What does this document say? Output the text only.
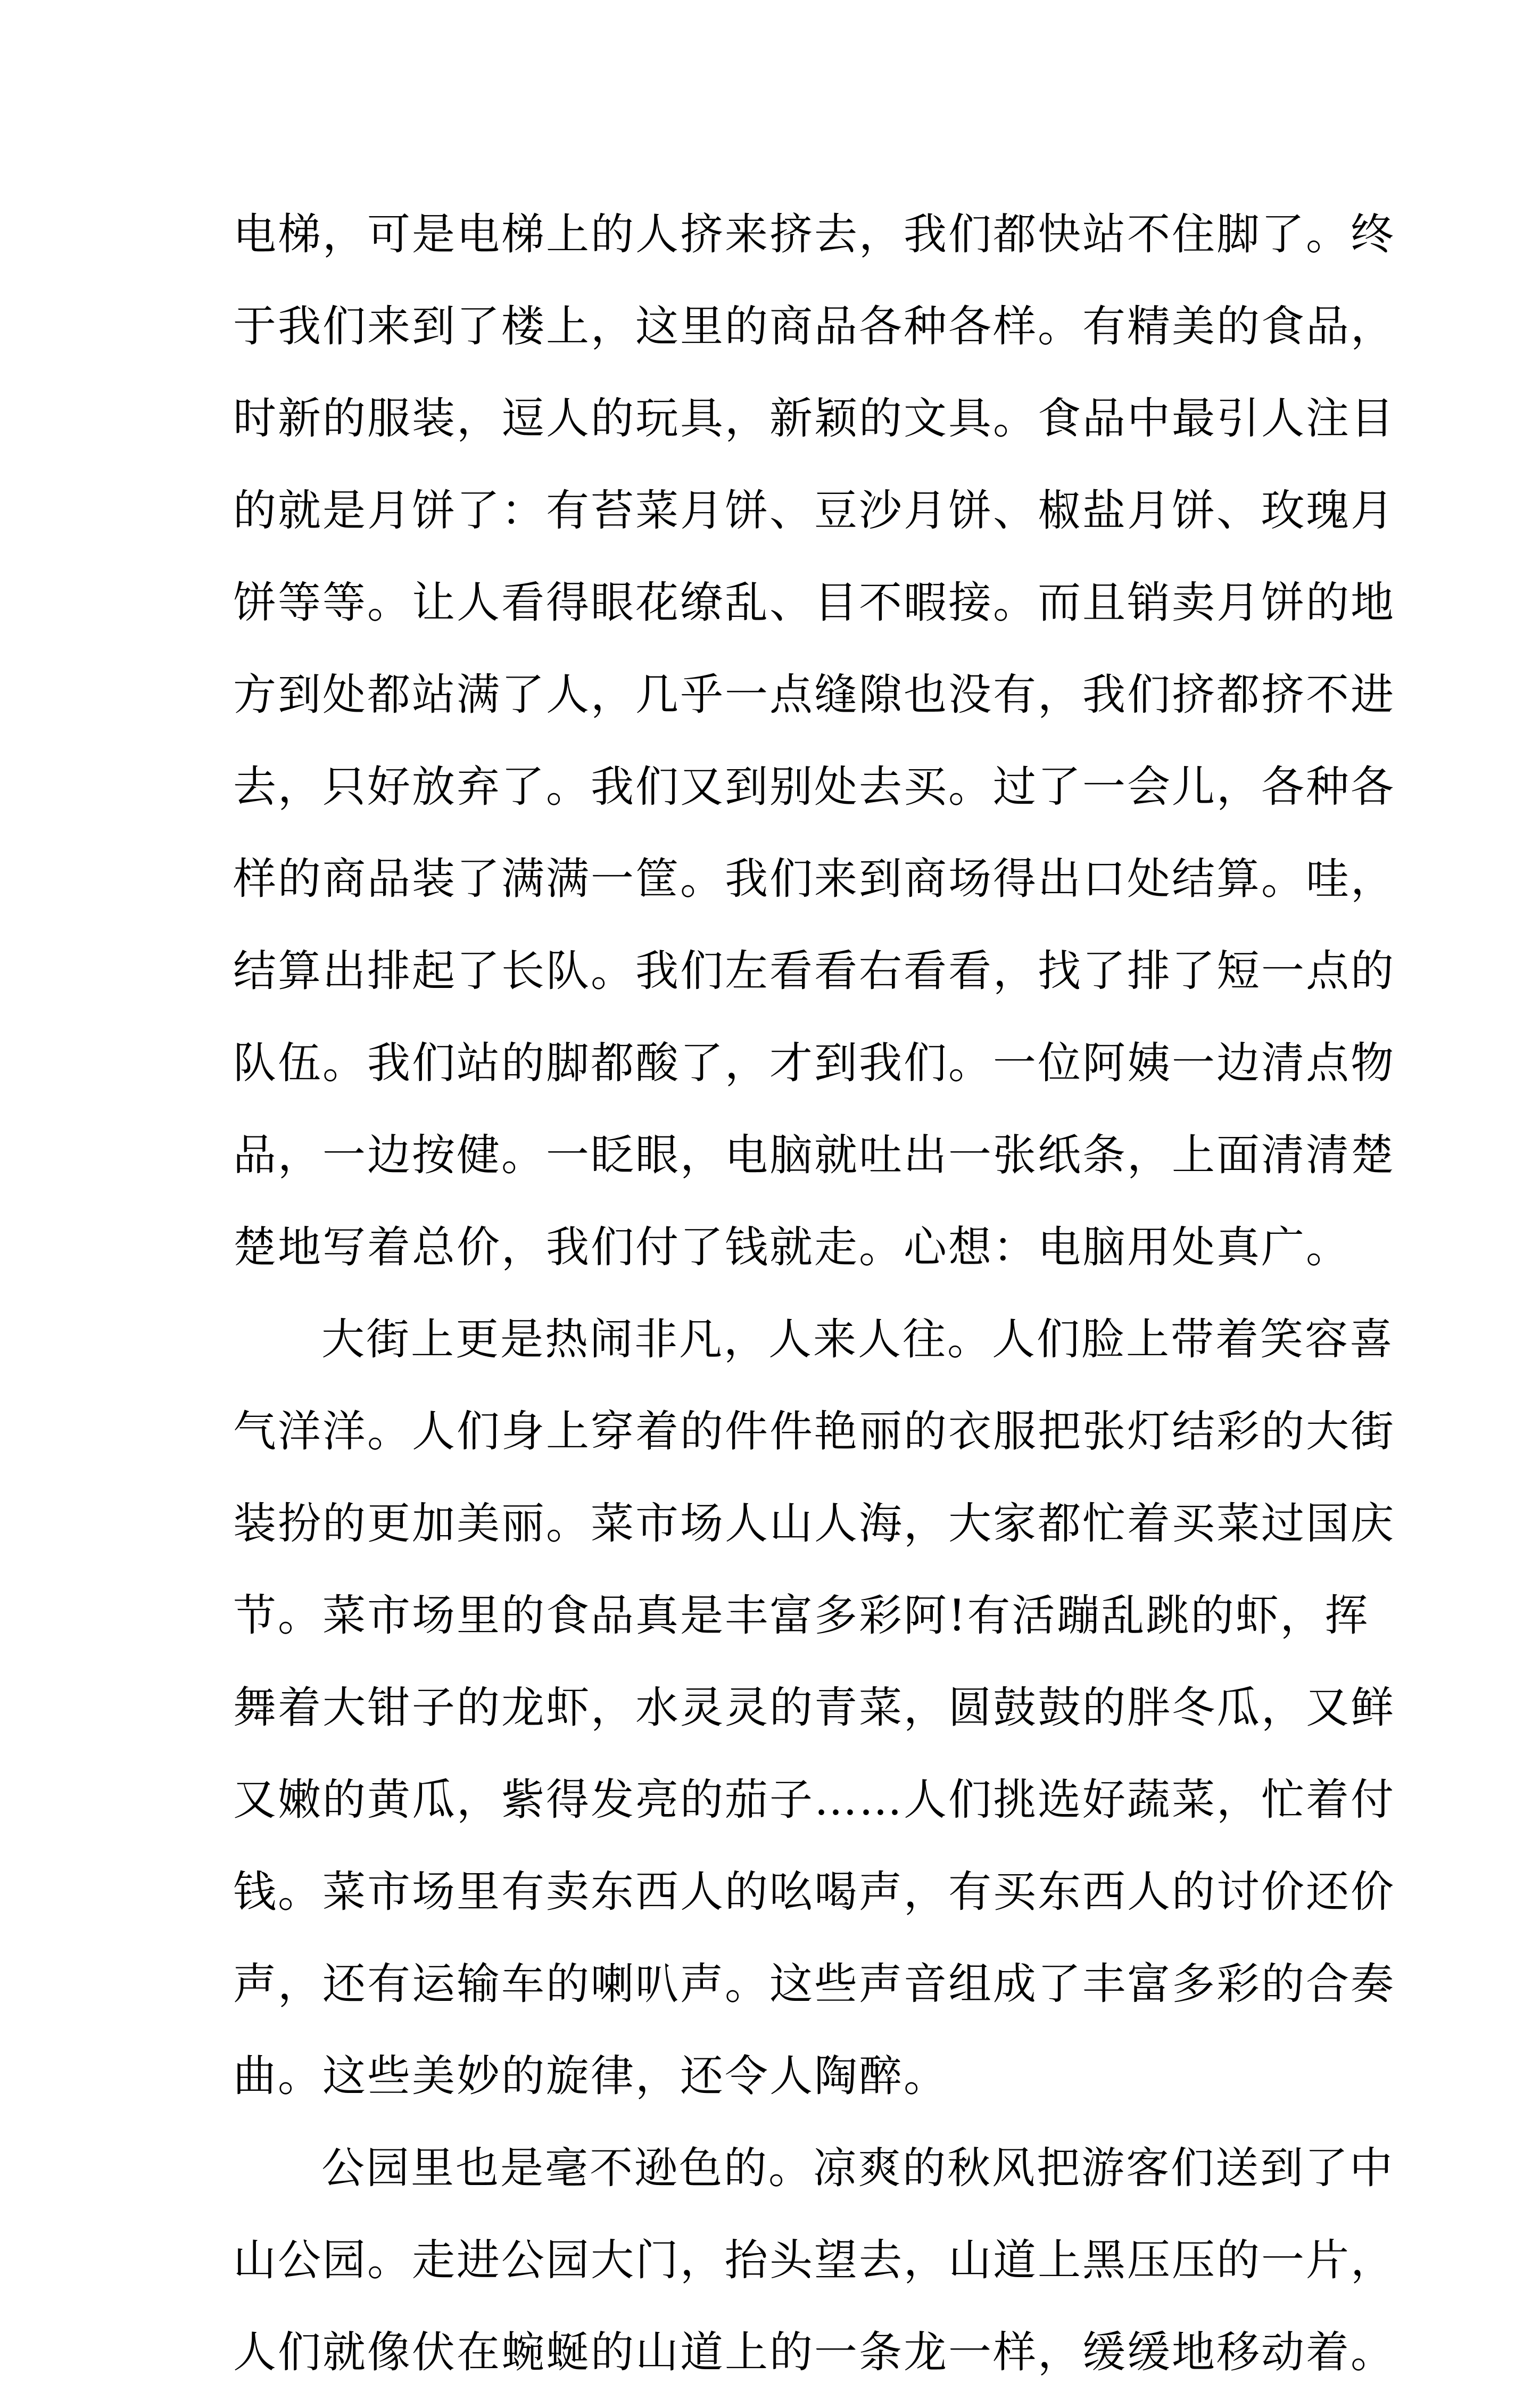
电梯，可是电梯上的人挤来挤去，我们都快站不住脚了。终
于我们来到了楼上，这里的商品各种各样。有精美的食品，
时新的服装，逗人的玩具，新颖的文具。食品中最引人注目
的就是月饼了：有苔菜月饼、豆沙月饼、椒盐月饼、玫瑰月
饼等等。让人看得眼花缭乱、目不暇接。而且销卖月饼的地
方到处都站满了人，几乎一点缝隙也没有，我们挤都挤不进
去，只好放弃了。我们又到别处去买。过了一会儿，各种各
样的商品装了满满一筐。我们来到商场得出口处结算。哇，
结算出排起了长队。我们左看看右看看，找了排了短一点的
队伍。我们站的脚都酸了，才到我们。一位阿姨一边清点物
品，一边按健。一眨眼，电脑就吐出一张纸条，上面清清楚
楚地写着总价，我们付了钱就走。心想：电脑用处真广。
大街上更是热闹非凡，人来人往。人们脸上带着笑容喜
气洋洋。人们身上穿着的件件艳丽的衣服把张灯结彩的大街
装扮的更加美丽。菜市场人山人海，大家都忙着买菜过国庆
节。菜市场里的食品真是丰富多彩阿!有活蹦乱跳的虾，挥
舞着大钳子的龙虾，水灵灵的青菜，圆鼓鼓的胖冬瓜，又鲜
又嫩的黄瓜，紫得发亮的茄子……人们挑选好蔬菜，忙着付
钱。菜市场里有卖东西人的吆喝声，有买东西人的讨价还价
声，还有运输车的喇叭声。这些声音组成了丰富多彩的合奏
曲。这些美妙的旋律，还令人陶醉。
公园里也是毫不逊色的。凉爽的秋风把游客们送到了中
山公园。走进公园大门，抬头望去，山道上黑压压的一片，
人们就像伏在蜿蜒的山道上的一条龙一样，缓缓地移动着。
